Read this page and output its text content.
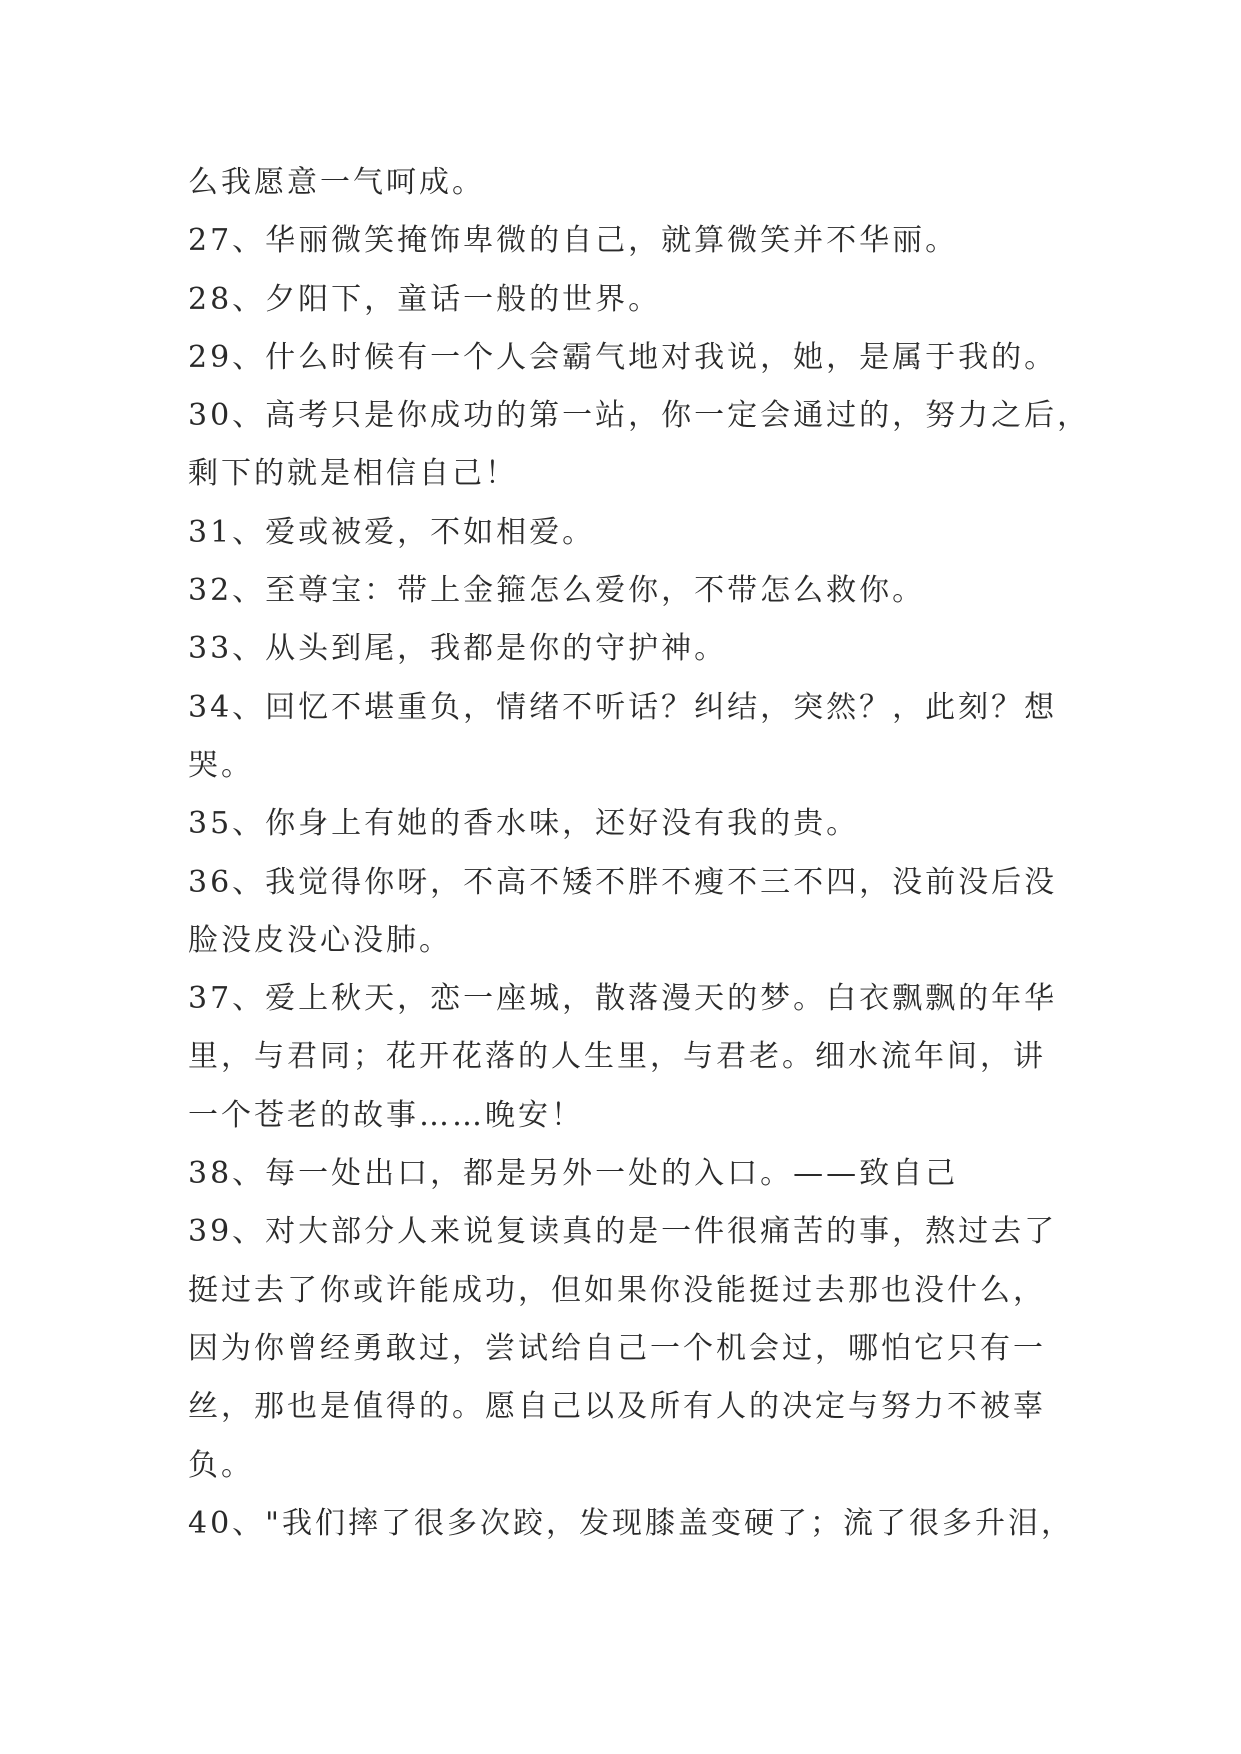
么我愿意一气呵成。

27、华丽微笑掩饰卑微的自己，就算微笑并不华丽。

28、夕阳下，童话一般的世界。

29、什么时候有一个人会霸气地对我说，她，是属于我的。

30、高考只是你成功的第一站，你一定会通过的，努力之后，

剩下的就是相信自己！

31、爱或被爱，不如相爱。

32、至尊宝：带上金箍怎么爱你，不带怎么救你。

33、从头到尾，我都是你的守护神。

34、回忆不堪重负，情绪不听话？纠结，突然？，此刻？想

哭。

35、你身上有她的香水味，还好没有我的贵。

36、我觉得你呀，不高不矮不胖不瘦不三不四，没前没后没

脸没皮没心没肺。

37、爱上秋天，恋一座城，散落漫天的梦。白衣飘飘的年华

里，与君同；花开花落的人生里，与君老。细水流年间，讲

一个苍老的故事……晚安！

38、每一处出口，都是另外一处的入口。——致自己

39、对大部分人来说复读真的是一件很痛苦的事，熬过去了

挺过去了你或许能成功，但如果你没能挺过去那也没什么，

因为你曾经勇敢过，尝试给自己一个机会过，哪怕它只有一

丝，那也是值得的。愿自己以及所有人的决定与努力不被辜

负。

40、"我们摔了很多次跤，发现膝盖变硬了；流了很多升泪，
